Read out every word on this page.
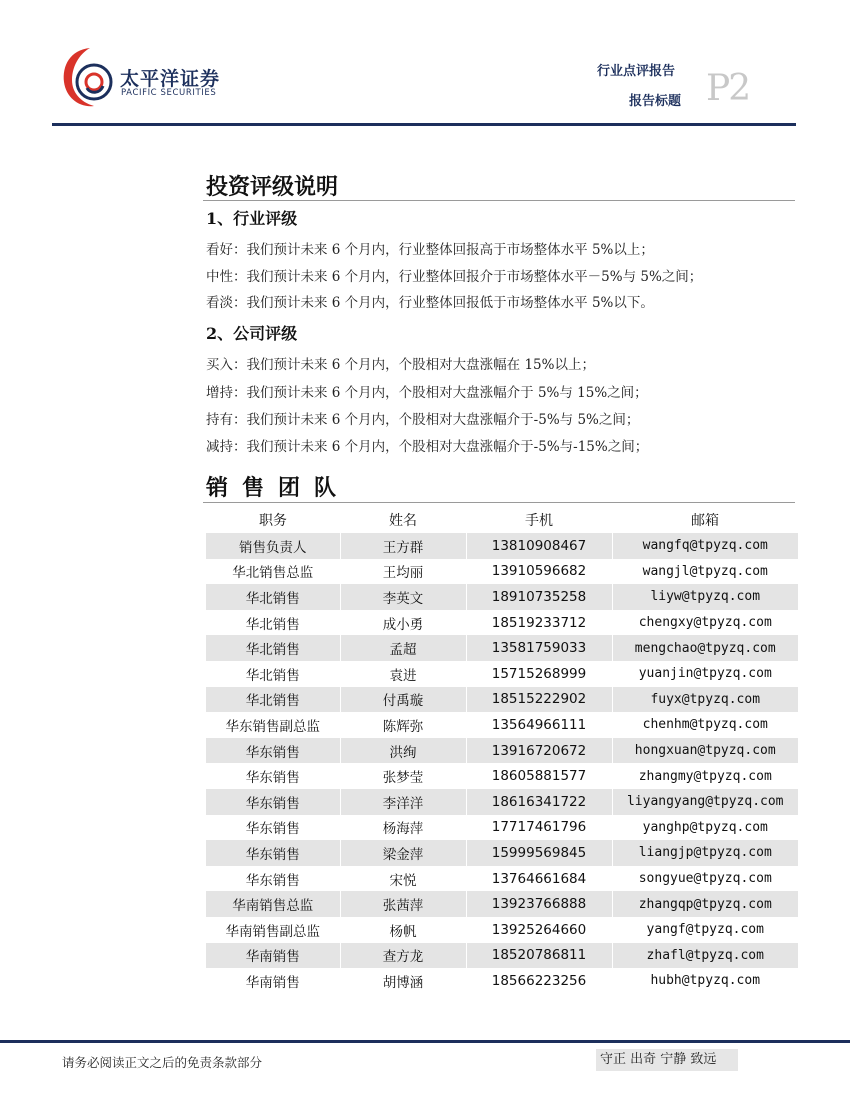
太平洋证券
PACIFIC SECURITIES
行业点评报告
报告标题 P2
投资评级说明
1、行业评级
看好：我们预计未来 6 个月内，行业整体回报高于市场整体水平 5%以上；
中性：我们预计未来 6 个月内，行业整体回报介于市场整体水平－5%与 5%之间；
看淡：我们预计未来 6 个月内，行业整体回报低于市场整体水平 5%以下。
2、公司评级
买入：我们预计未来 6 个月内，个股相对大盘涨幅在 15%以上；
增持：我们预计未来 6 个月内，个股相对大盘涨幅介于 5%与 15%之间；
持有：我们预计未来 6 个月内，个股相对大盘涨幅介于-5%与 5%之间；
减持：我们预计未来 6 个月内，个股相对大盘涨幅介于-5%与-15%之间；
销售团队
职务	姓名	手机	邮箱
销售负责人	王方群	13810908467	wangfq@tpyzq.com
华北销售总监	王均丽	13910596682	wangjl@tpyzq.com
华北销售	李英文	18910735258	liyw@tpyzq.com
华北销售	成小勇	18519233712	chengxy@tpyzq.com
华北销售	孟超	13581759033	mengchao@tpyzq.com
华北销售	袁进	15715268999	yuanjin@tpyzq.com
华北销售	付禹璇	18515222902	fuyx@tpyzq.com
华东销售副总监	陈辉弥	13564966111	chenhm@tpyzq.com
华东销售	洪绚	13916720672	hongxuan@tpyzq.com
华东销售	张梦莹	18605881577	zhangmy@tpyzq.com
华东销售	李洋洋	18616341722	liyangyang@tpyzq.com
华东销售	杨海萍	17717461796	yanghp@tpyzq.com
华东销售	梁金萍	15999569845	liangjp@tpyzq.com
华东销售	宋悦	13764661684	songyue@tpyzq.com
华南销售总监	张茜萍	13923766888	zhangqp@tpyzq.com
华南销售副总监	杨帆	13925264660	yangf@tpyzq.com
华南销售	查方龙	18520786811	zhafl@tpyzq.com
华南销售	胡博涵	18566223256	hubh@tpyzq.com
请务必阅读正文之后的免责条款部分	守正 出奇 宁静 致远
